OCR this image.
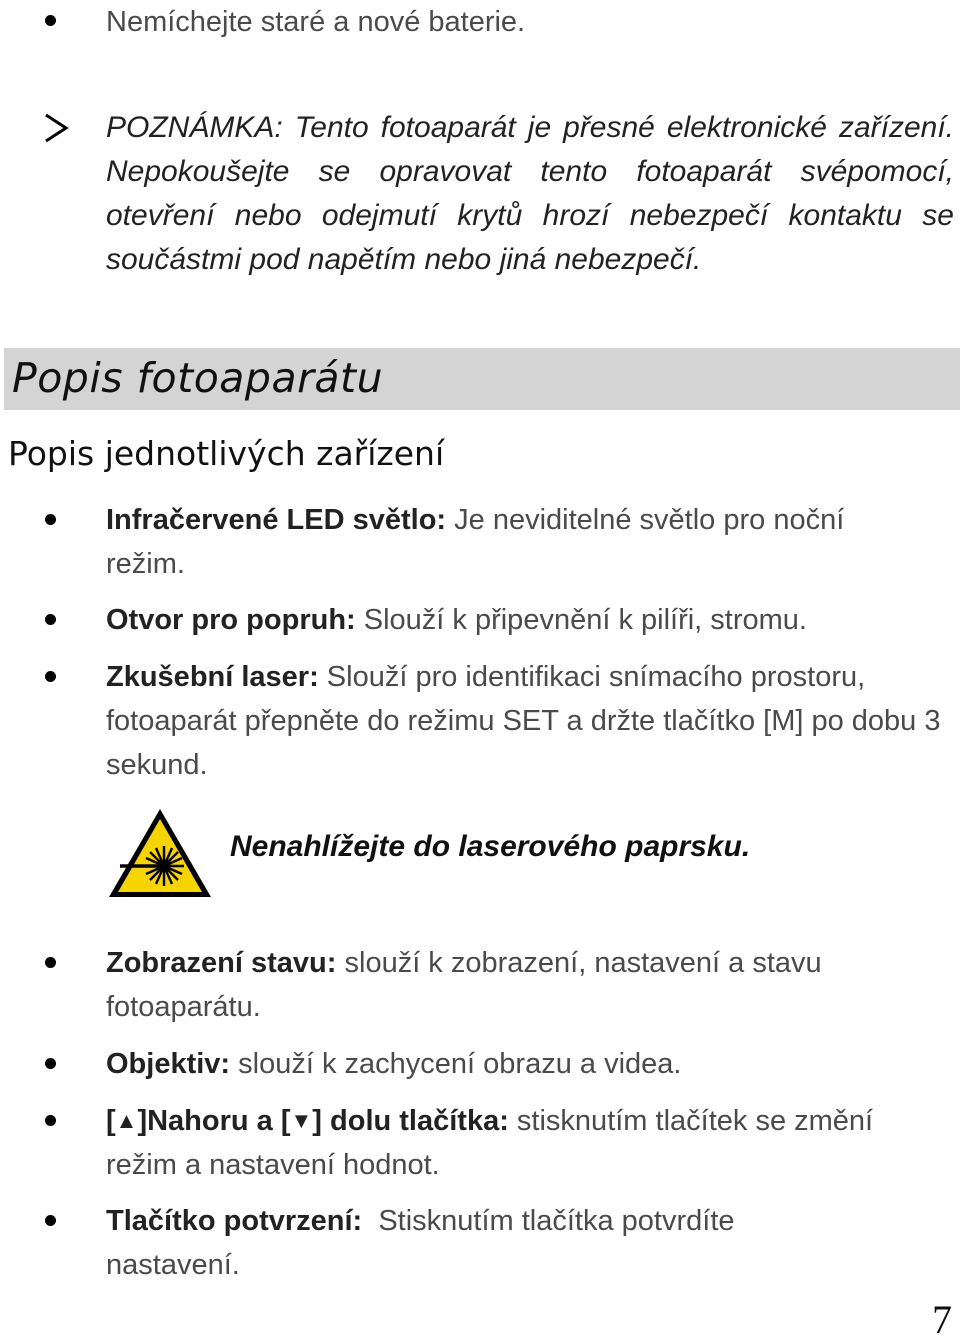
Nemíchejte staré a nové baterie.
POZNÁMKA: Tento fotoaparát je přesné elektronické zařízení. Nepokoušejte se opravovat tento fotoaparát svépomocí, otevření nebo odejmutí krytů hrozí nebezpečí kontaktu se součástmi pod napětím nebo jiná nebezpečí.
Popis fotoaparátu
Popis jednotlivých zařízení
Infračervené LED světlo: Je neviditelné světlo pro noční režim.
Otvor pro popruh: Slouží k připevnění k pilíři, stromu.
Zkušební laser: Slouží pro identifikaci snímacího prostoru, fotoaparát přepněte do režimu SET a držte tlačítko [M] po dobu 3 sekund.
Nenahlížejte do laserového paprsku.
Zobrazení stavu: slouží k zobrazení, nastavení a stavu fotoaparátu.
Objektiv: slouží k zachycení obrazu a videa.
[▲]Nahoru a [▼] dolu tlačítka: stisknutím tlačítek se změní režim a nastavení hodnot.
Tlačítko potvrzení:  Stisknutím tlačítka potvrdíte nastavení.
7
